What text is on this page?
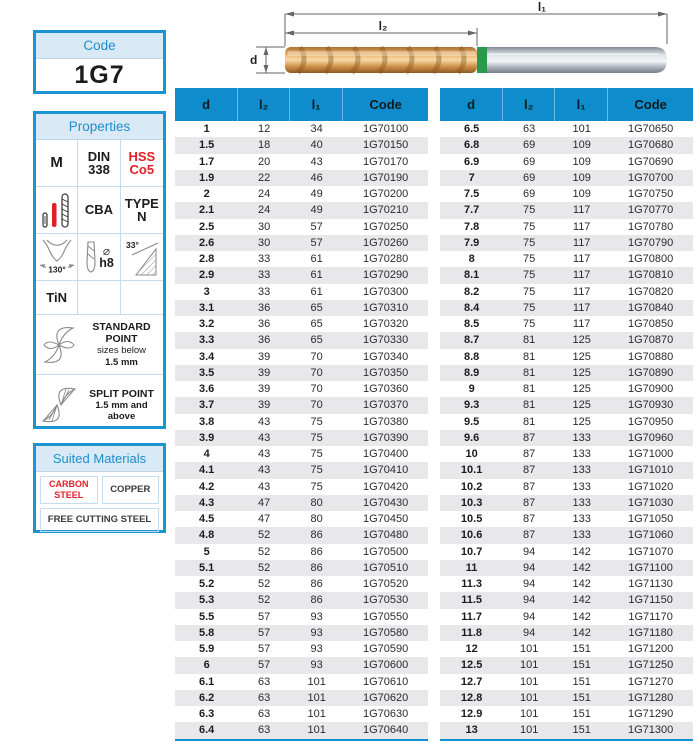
Code
1G7
l₁
l₂
d
Properties
M	DIN 338
HSS Co5
CBA TYPE N
130°
⌀
h8
33°
TiN
STANDARD POINT
sizes below
1.5 mm
SPLIT POINT
1.5 mm and
above
Suited Materials
CARBON STEEL	COPPER
FREE CUTTING STEEL
d	l₂	l₁	Code
1	12	34	1G70100
1.5	18	40	1G70150
1.7	20	43	1G70170
1.9	22	46	1G70190
2	24	49	1G70200
2.1	24	49	1G70210
2.5	30	57	1G70250
2.6	30	57	1G70260
2.8	33	61	1G70280
2.9	33	61	1G70290
3	33	61	1G70300
3.1	36	65	1G70310
3.2	36	65	1G70320
3.3	36	65	1G70330
3.4	39	70	1G70340
3.5	39	70	1G70350
3.6	39	70	1G70360
3.7	39	70	1G70370
3.8	43	75	1G70380
3.9	43	75	1G70390
4	43	75	1G70400
4.1	43	75	1G70410
4.2	43	75	1G70420
4.3	47	80	1G70430
4.5	47	80	1G70450
4.8	52	86	1G70480
5	52	86	1G70500
5.1	52	86	1G70510
5.2	52	86	1G70520
5.3	52	86	1G70530
5.5	57	93	1G70550
5.8	57	93	1G70580
5.9	57	93	1G70590
6	57	93	1G70600
6.1	63	101	1G70610
6.2	63	101	1G70620
6.3	63	101	1G70630
6.4	63	101	1G70640
d	l₂	l₁	Code
6.5	63	101	1G70650
6.8	69	109	1G70680
6.9	69	109	1G70690
7	69	109	1G70700
7.5	69	109	1G70750
7.7	75	117	1G70770
7.8	75	117	1G70780
7.9	75	117	1G70790
8	75	117	1G70800
8.1	75	117	1G70810
8.2	75	117	1G70820
8.4	75	117	1G70840
8.5	75	117	1G70850
8.7	81	125	1G70870
8.8	81	125	1G70880
8.9	81	125	1G70890
9	81	125	1G70900
9.3	81	125	1G70930
9.5	81	125	1G70950
9.6	87	133	1G70960
10	87	133	1G71000
10.1	87	133	1G71010
10.2	87	133	1G71020
10.3	87	133	1G71030
10.5	87	133	1G71050
10.6	87	133	1G71060
10.7	94	142	1G71070
11	94	142	1G71100
11.3	94	142	1G71130
11.5	94	142	1G71150
11.7	94	142	1G71170
11.8	94	142	1G71180
12	101	151	1G71200
12.5	101	151	1G71250
12.7	101	151	1G71270
12.8	101	151	1G71280
12.9	101	151	1G71290
13	101	151	1G71300
